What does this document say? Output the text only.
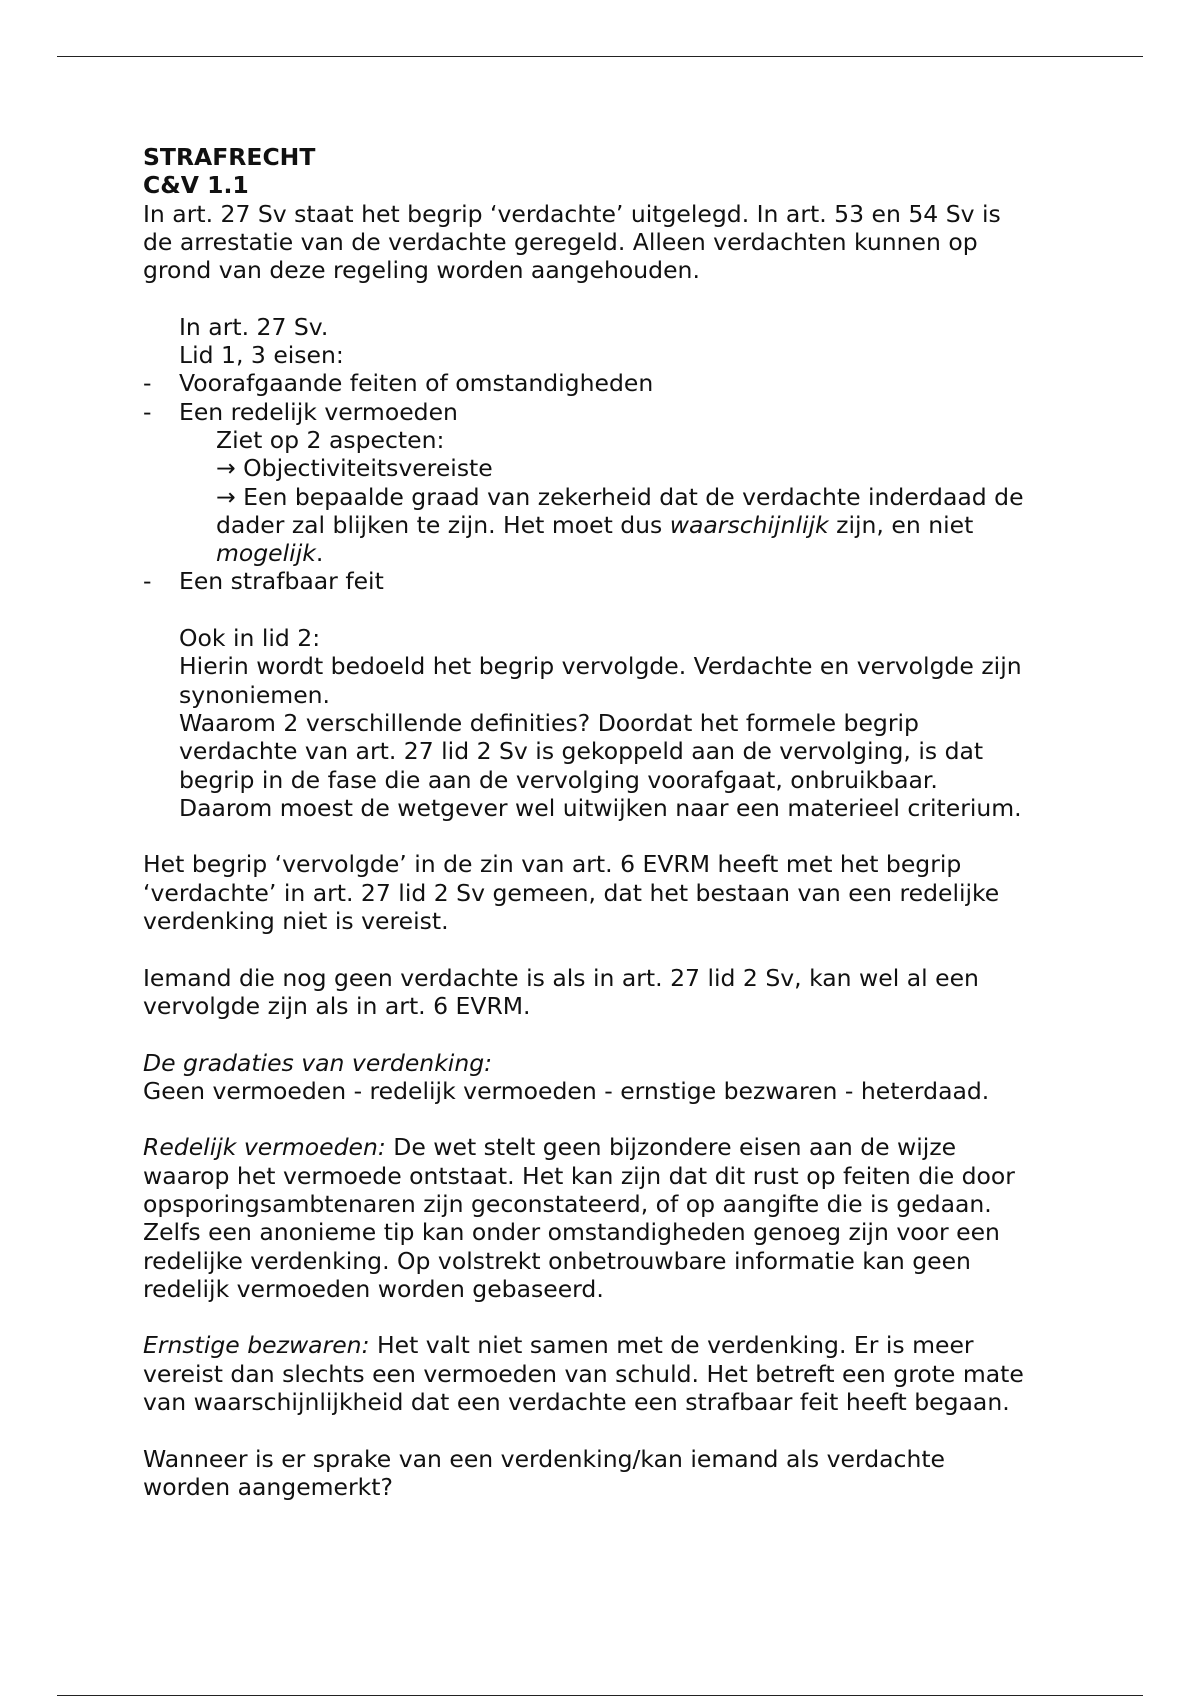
STRAFRECHT
C&V 1.1
In art. 27 Sv staat het begrip ‘verdachte’ uitgelegd. In art. 53 en 54 Sv is
de arrestatie van de verdachte geregeld. Alleen verdachten kunnen op
grond van deze regeling worden aangehouden.
In art. 27 Sv.
Lid 1, 3 eisen:
- Voorafgaande feiten of omstandigheden
- Een redelijk vermoeden
Ziet op 2 aspecten:
→ Objectiviteitsvereiste
→ Een bepaalde graad van zekerheid dat de verdachte inderdaad de
dader zal blijken te zijn. Het moet dus waarschijnlijk zijn, en niet
mogelijk.
- Een strafbaar feit
Ook in lid 2:
Hierin wordt bedoeld het begrip vervolgde. Verdachte en vervolgde zijn
synoniemen.
Waarom 2 verschillende definities? Doordat het formele begrip
verdachte van art. 27 lid 2 Sv is gekoppeld aan de vervolging, is dat
begrip in de fase die aan de vervolging voorafgaat, onbruikbaar.
Daarom moest de wetgever wel uitwijken naar een materieel criterium.
Het begrip ‘vervolgde’ in de zin van art. 6 EVRM heeft met het begrip
‘verdachte’ in art. 27 lid 2 Sv gemeen, dat het bestaan van een redelijke
verdenking niet is vereist.
Iemand die nog geen verdachte is als in art. 27 lid 2 Sv, kan wel al een
vervolgde zijn als in art. 6 EVRM.
De gradaties van verdenking:
Geen vermoeden - redelijk vermoeden - ernstige bezwaren - heterdaad.
Redelijk vermoeden: De wet stelt geen bijzondere eisen aan de wijze
waarop het vermoede ontstaat. Het kan zijn dat dit rust op feiten die door
opsporingsambtenaren zijn geconstateerd, of op aangifte die is gedaan.
Zelfs een anonieme tip kan onder omstandigheden genoeg zijn voor een
redelijke verdenking. Op volstrekt onbetrouwbare informatie kan geen
redelijk vermoeden worden gebaseerd.
Ernstige bezwaren: Het valt niet samen met de verdenking. Er is meer
vereist dan slechts een vermoeden van schuld. Het betreft een grote mate
van waarschijnlijkheid dat een verdachte een strafbaar feit heeft begaan.
Wanneer is er sprake van een verdenking/kan iemand als verdachte
worden aangemerkt?
